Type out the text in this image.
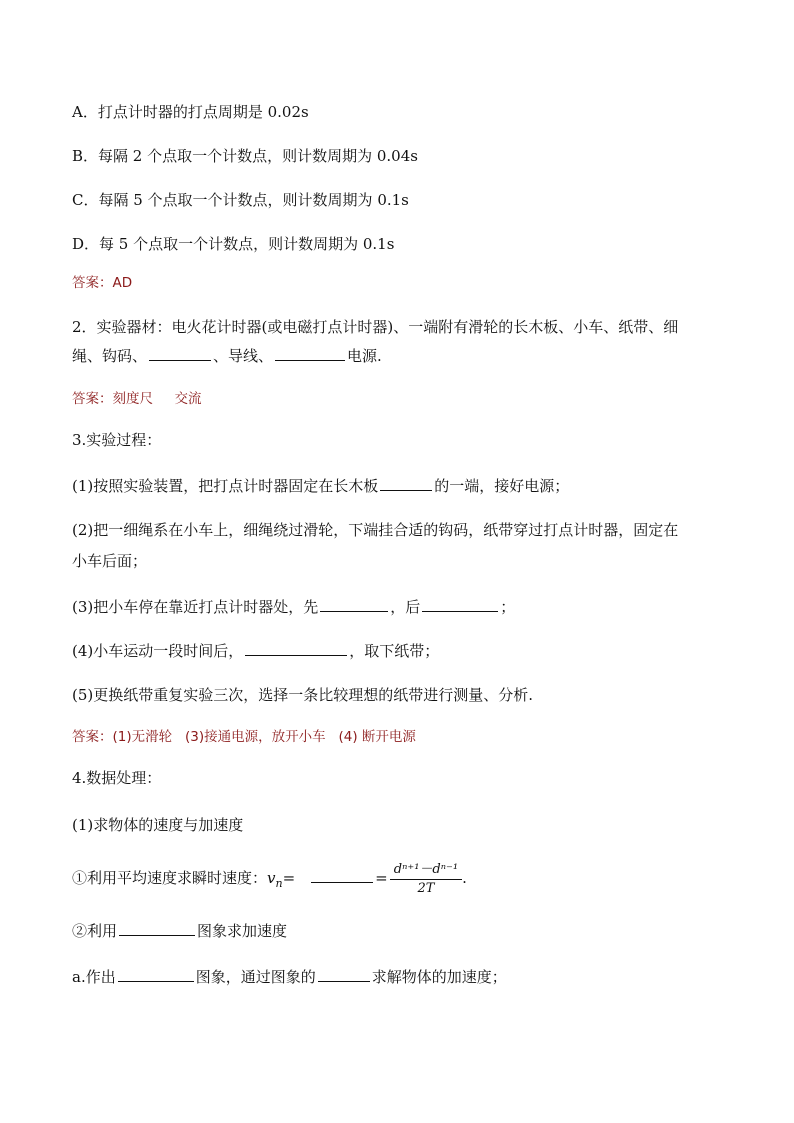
A．打点计时器的打点周期是 0.02s
B．每隔 2 个点取一个计数点，则计数周期为 0.04s
C．每隔 5 个点取一个计数点，则计数周期为 0.1s
D．每 5 个点取一个计数点，则计数周期为 0.1s
答案：AD
2．实验器材：电火花计时器(或电磁打点计时器)、一端附有滑轮的长木板、小车、纸带、细
绳、钩码、	、导线、	电源.
答案：刻度尺     交流
3.实验过程：
(1)按照实验装置，把打点计时器固定在长木板	的一端，接好电源；
(2)把一细绳系在小车上，细绳绕过滑轮，下端挂合适的钩码，纸带穿过打点计时器，固定在
小车后面；
(3)把小车停在靠近打点计时器处，先	，后	；
(4)小车运动一段时间后，	，取下纸带；
(5)更换纸带重复实验三次，选择一条比较理想的纸带进行测量、分析.
答案：(1)无滑轮   (3)接通电源，放开小车   (4) 断开电源
4.数据处理：
(1)求物体的速度与加速度
①利用平均速度求瞬时速度：$v_n=$	= $\frac{\text{dⁿ⁺¹－dⁿ⁻¹}}{2T}$ .
②利用	图象求加速度
a.作出	图象，通过图象的	求解物体的加速度；
